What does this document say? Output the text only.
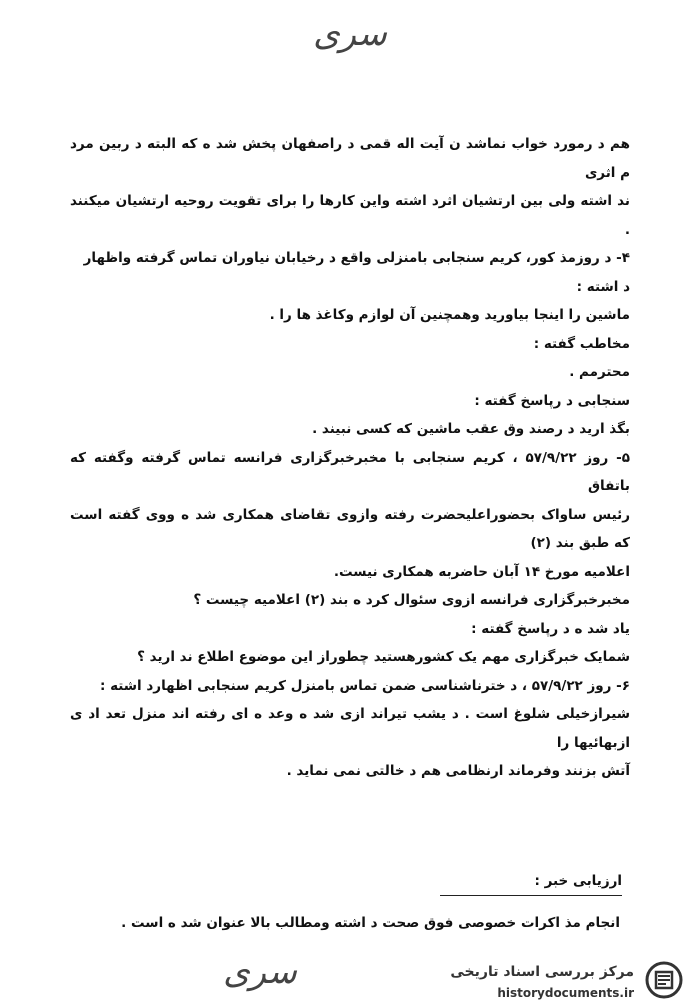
سری

هم د رمورد خواب نماشد ن آیت اله قمی د راصفهان پخش شد ه که البته د ربین مرد م اثری

ند اشته ولی بین ارتشیان اثرد اشته واین کارها را برای تقویت روحیه ارتشیان میکنند .

۴- د روزمذ کور، کریم سنجابی بامنزلی واقع د رخیابان نیاوران تماس گرفته واظهار

د اشته :

ماشین را اینجا بیاورید وهمچنین آن لوازم وکاغذ ها را .

مخاطب گفته :

محترمم .

سنجابی د رپاسخ گفته :

بگذ ارید د رصند وق عقب ماشین که کسی نبیند .

۵- روز ۵۷/۹/۲۲ ، کریم سنجابی با مخبرخبرگزاری فرانسه تماس گرفته وگفته که باتفاق

رئیس ساواک بحضوراعلیحضرت رفته وازوی تقاضای همکاری شد ه ووی گفته است که طبق بند (۲)

اعلامیه مورخ ۱۴ آبان حاضربه همکاری نیست.

مخبرخبرگزاری فرانسه ازوی سئوال کرد ه بند (۲) اعلامیه چیست ؟

یاد شد ه د رپاسخ گفته :

شمایک خبرگزاری مهم یک کشورهستید چطوراز این موضوع اطلاع ند ارید ؟

۶- روز ۵۷/۹/۲۲ ، د خترناشناسی ضمن تماس بامنزل کریم سنجابی اظهارد اشته :

شیرازخیلی شلوغ است . د یشب تیراند ازی شد ه وعد ه ای رفته اند منزل تعد اد ی ازبهائیها را

آتش بزنند وفرماند ارنظامی هم د خالتی نمی نماید .

ارزیابی خبر :
انجام مذ اکرات خصوصی فوق صحت د اشته ومطالب بالا عنوان شد ه است .
سری	مرکز بررسی اسناد تاریخی
historydocuments.ir
